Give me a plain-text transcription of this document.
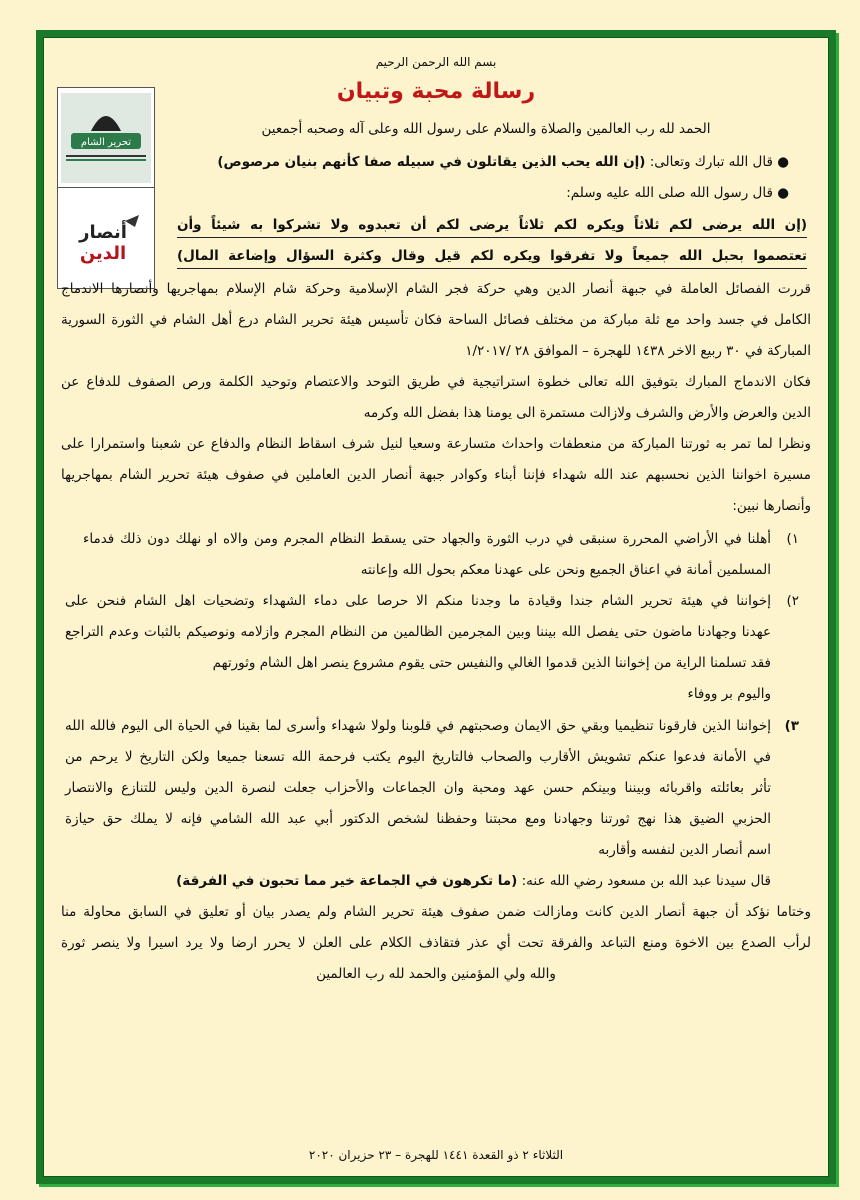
بسم الله الرحمن الرحيم
تحرير الشام
أنصار
الدين
رسالة محبة وتبيان
الحمد لله رب العالمين والصلاة والسلام على رسول الله وعلى آله وصحبه أجمعين
● قال الله تبارك وتعالى: (إن الله يحب الذين يقاتلون في سبيله صفا كأنهم بنيان مرصوص)
● قال رسول الله صلى الله عليه وسلم:
(إن الله يرضى لكم ثلاثاً ويكره لكم ثلاثاً يرضى لكم أن تعبدوه ولا تشركوا به شيئاً وأن
تعتصموا بحبل الله جميعاً ولا تفرقوا ويكره لكم قيل وقال وكثرة السؤال وإضاعة المال)
قررت الفصائل العاملة في جبهة أنصار الدين وهي حركة فجر الشام الإسلامية وحركة شام الإسلام بمهاجريها وأنصارها الاندماج
الكامل في جسد واحد مع ثلة مباركة من مختلف فصائل الساحة فكان تأسيس هيئة تحرير الشام درع أهل الشام في الثورة السورية
المباركة في ٣٠ ربيع الاخر ١٤٣٨ للهجرة – الموافق ٢٨ /١/٢٠١٧
فكان الاندماج المبارك بتوفيق الله تعالى خطوة استراتيجية في طريق التوحد والاعتصام وتوحيد الكلمة ورص الصفوف للدفاع عن
الدين والعرض والأرض والشرف ولازالت مستمرة الى يومنا هذا بفضل الله وكرمه
ونظرا لما تمر به ثورتنا المباركة من منعطفات واحداث متسارعة وسعيا لنيل شرف اسقاط النظام والدفاع عن شعبنا واستمرارا على
مسيرة اخواننا الذين نحسبهم عند الله شهداء فإننا أبناء وكوادر جبهة أنصار الدين العاملين في صفوف هيئة تحرير الشام بمهاجريها
وأنصارها نبين:
١)
أهلنا في الأراضي المحررة سنبقى في درب الثورة والجهاد حتى يسقط النظام المجرم ومن والاه او نهلك دون ذلك فدماء
المسلمين أمانة في اعناق الجميع ونحن على عهدنا معكم بحول الله وإعانته
٢)
إخواننا في هيئة تحرير الشام جندا وقيادة ما وجدنا منكم الا حرصا على دماء الشهداء وتضحيات اهل الشام فنحن على
عهدنا وجهادنا ماضون حتى يفصل الله بيننا وبين المجرمين الظالمين من النظام المجرم وازلامه ونوصيكم بالثبات وعدم التراجع
فقد تسلمنا الراية من إخواننا الذين قدموا الغالي والنفيس حتى يقوم مشروع ينصر اهل الشام وثورتهم
واليوم بر ووفاء
٣)
إخواننا الذين فارقونا تنظيميا وبقي حق الايمان وصحبتهم في قلوبنا ولولا شهداء وأسرى لما بقينا في الحياة الى اليوم فالله الله
في الأمانة فدعوا عنكم تشويش الأقارب والصحاب فالتاريخ اليوم يكتب فرحمة الله تسعنا جميعا ولكن التاريخ لا يرحم من
تأثر بعائلته واقربائه وبيننا وبينكم حسن عهد ومحبة وان الجماعات والأحزاب جعلت لنصرة الدين وليس للتنازع والانتصار
الحزبي الضيق هذا نهج ثورتنا وجهادنا ومع محبتنا وحفظنا لشخص الدكتور أبي عبد الله الشامي فإنه لا يملك حق حيازة
اسم أنصار الدين لنفسه وأقاربه
قال سيدنا عبد الله بن مسعود رضي الله عنه: (ما تكرهون في الجماعة خير مما تحبون في الفرقة)
وختاما نؤكد أن جبهة أنصار الدين كانت ومازالت ضمن صفوف هيئة تحرير الشام ولم يصدر بيان أو تعليق في السابق محاولة منا
لرأب الصدع بين الاخوة ومنع التباعد والفرقة تحت أي عذر فتقاذف الكلام على العلن لا يحرر ارضا ولا يرد اسيرا ولا ينصر ثورة
والله ولي المؤمنين والحمد لله رب العالمين
الثلاثاء ٢ ذو القعدة ١٤٤١ للهجرة – ٢٣ حزيران ٢٠٢٠
